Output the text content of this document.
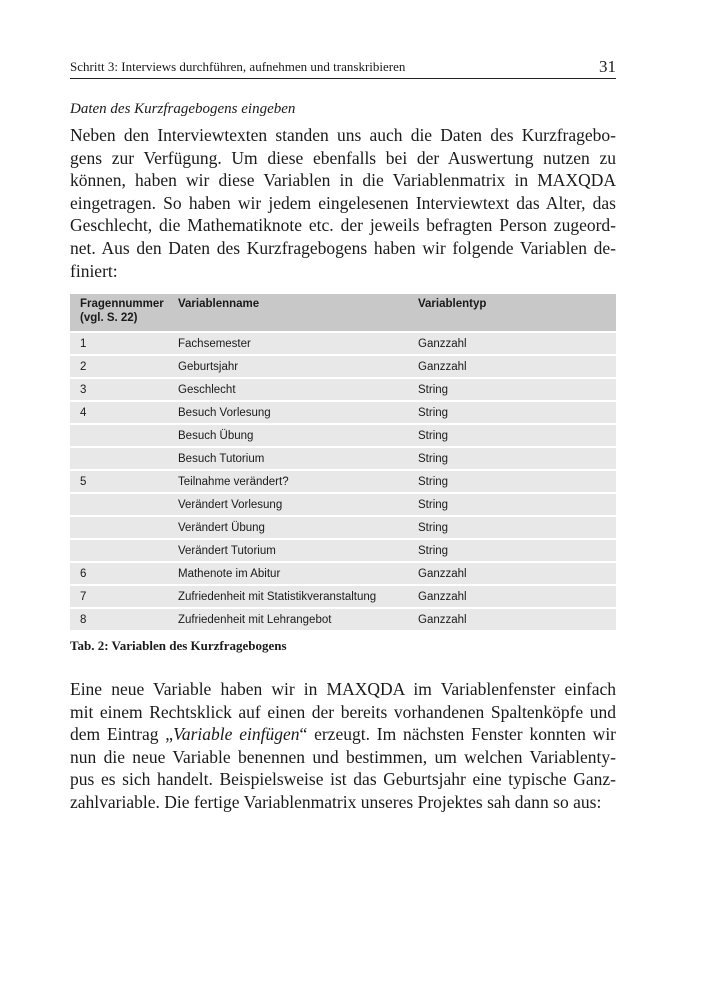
Schritt 3: Interviews durchführen, aufnehmen und transkribieren	31
Daten des Kurzfragebogens eingeben
Neben den Interviewtexten standen uns auch die Daten des Kurzfragebo-
gens zur Verfügung. Um diese ebenfalls bei der Auswertung nutzen zu
können, haben wir diese Variablen in die Variablenmatrix in MAXQDA
eingetragen. So haben wir jedem eingelesenen Interviewtext das Alter, das
Geschlecht, die Mathematiknote etc. der jeweils befragten Person zugeord-
net. Aus den Daten des Kurzfragebogens haben wir folgende Variablen de-
finiert:
Fragennummer (vgl. S. 22)	Variablenname	Variablentyp
1	Fachsemester	Ganzzahl
2	Geburtsjahr	Ganzzahl
3	Geschlecht	String
4	Besuch Vorlesung	String
	Besuch Übung	String
	Besuch Tutorium	String
5	Teilnahme verändert?	String
	Verändert Vorlesung	String
	Verändert Übung	String
	Verändert Tutorium	String
6	Mathenote im Abitur	Ganzzahl
7	Zufriedenheit mit Statistikveranstaltung	Ganzzahl
8	Zufriedenheit mit Lehrangebot	Ganzzahl
Tab. 2: Variablen des Kurzfragebogens
Eine neue Variable haben wir in MAXQDA im Variablenfenster einfach
mit einem Rechtsklick auf einen der bereits vorhandenen Spaltenköpfe und
dem Eintrag „Variable einfügen“ erzeugt. Im nächsten Fenster konnten wir
nun die neue Variable benennen und bestimmen, um welchen Variablenty-
pus es sich handelt. Beispielsweise ist das Geburtsjahr eine typische Ganz-
zahlvariable. Die fertige Variablenmatrix unseres Projektes sah dann so aus:
